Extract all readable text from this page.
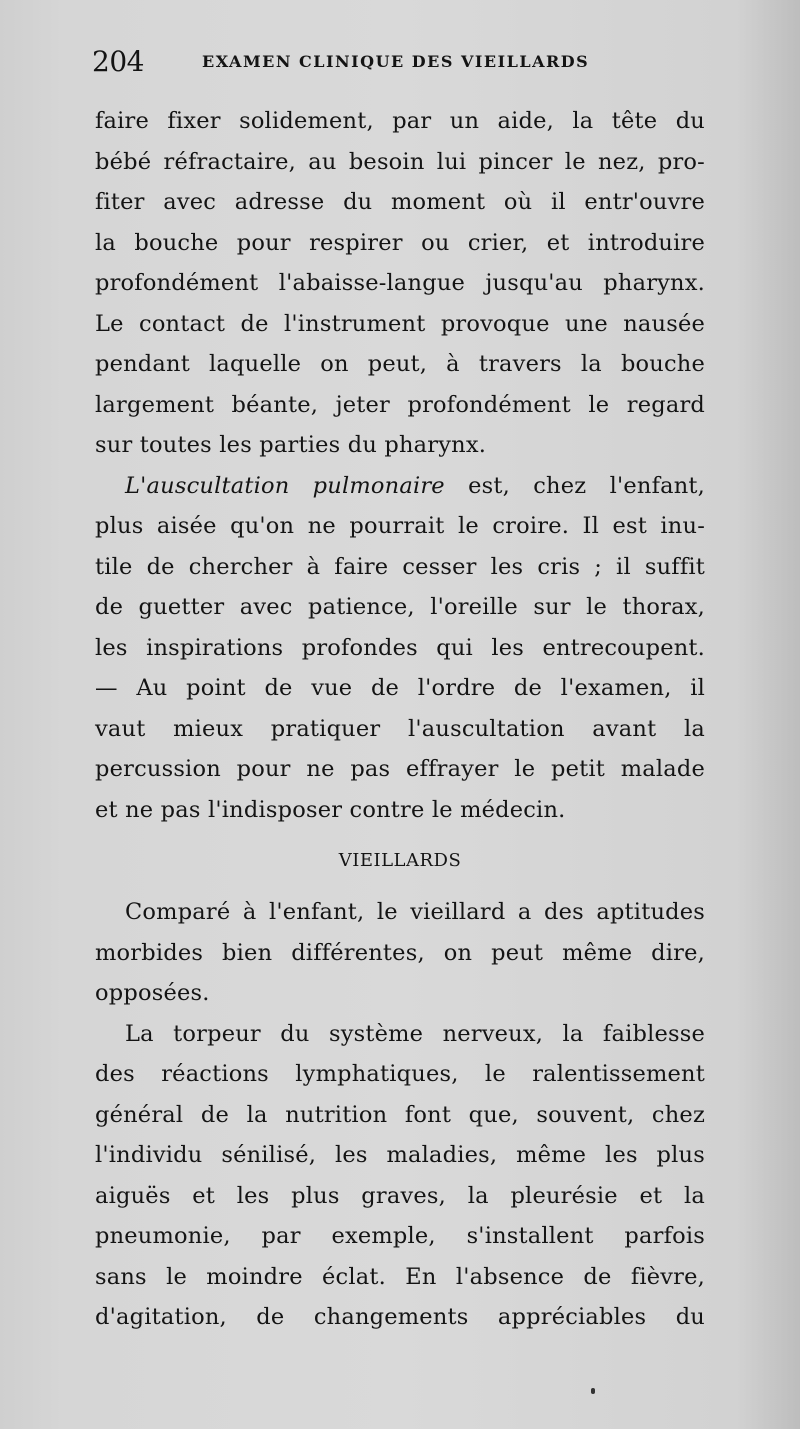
204	EXAMEN CLINIQUE DES VIEILLARDS
faire fixer solidement, par un aide, la tête du
bébé réfractaire, au besoin lui pincer le nez, pro-
fiter avec adresse du moment où il entr'ouvre
la bouche pour respirer ou crier, et introduire
profondément l'abaisse-langue jusqu'au pharynx.
Le contact de l'instrument provoque une nausée
pendant laquelle on peut, à travers la bouche
largement béante, jeter profondément le regard
sur toutes les parties du pharynx.
L'auscultation pulmonaire est, chez l'enfant,
plus aisée qu'on ne pourrait le croire. Il est inu-
tile de chercher à faire cesser les cris ; il suffit
de guetter avec patience, l'oreille sur le thorax,
les inspirations profondes qui les entrecoupent.
— Au point de vue de l'ordre de l'examen, il
vaut mieux pratiquer l'auscultation avant la
percussion pour ne pas effrayer le petit malade
et ne pas l'indisposer contre le médecin.
VIEILLARDS
Comparé à l'enfant, le vieillard a des aptitudes
morbides bien différentes, on peut même dire,
opposées.
La torpeur du système nerveux, la faiblesse
des réactions lymphatiques, le ralentissement
général de la nutrition font que, souvent, chez
l'individu sénilisé, les maladies, même les plus
aiguës et les plus graves, la pleurésie et la
pneumonie, par exemple, s'installent parfois
sans le moindre éclat. En l'absence de fièvre,
d'agitation, de changements appréciables du
